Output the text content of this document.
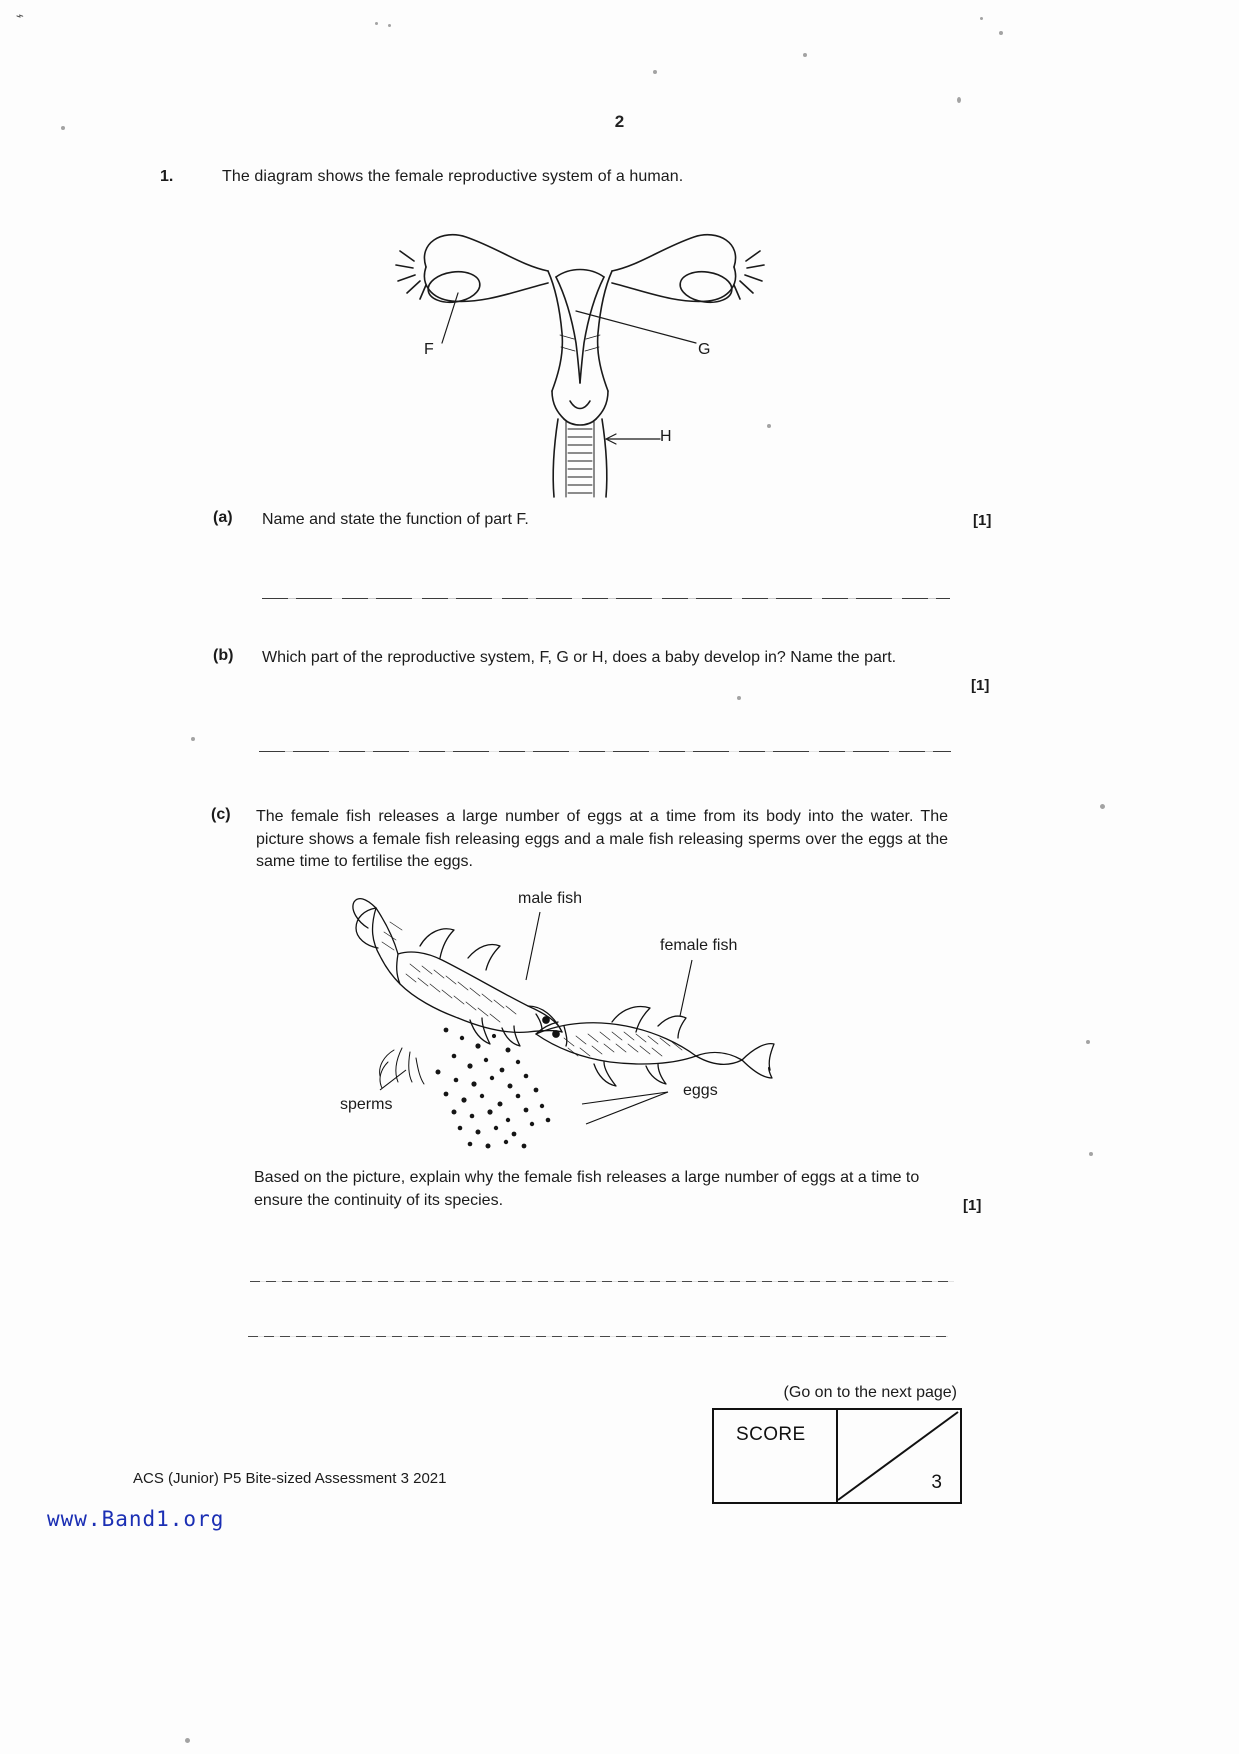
⌁
2
1.	The diagram shows the female reproductive system of a human.
F	G
H
(a) Name and state the function of part F.	[1]
(b) Which part of the reproductive system, F, G or H, does a baby develop in? Name the part.
[1]
(c) The female fish releases a large number of eggs at a time from its body into the water. The picture shows a female fish releasing eggs and a male fish releasing sperms over the eggs at the same time to fertilise the eggs.
male fish
female fish
sperms
eggs
Based on the picture, explain why the female fish releases a large number of eggs at a time to ensure the continuity of its species.	[1]
(Go on to the next page)
SCORE
3
ACS (Junior) P5 Bite-sized Assessment 3 2021
www.Band1.org
